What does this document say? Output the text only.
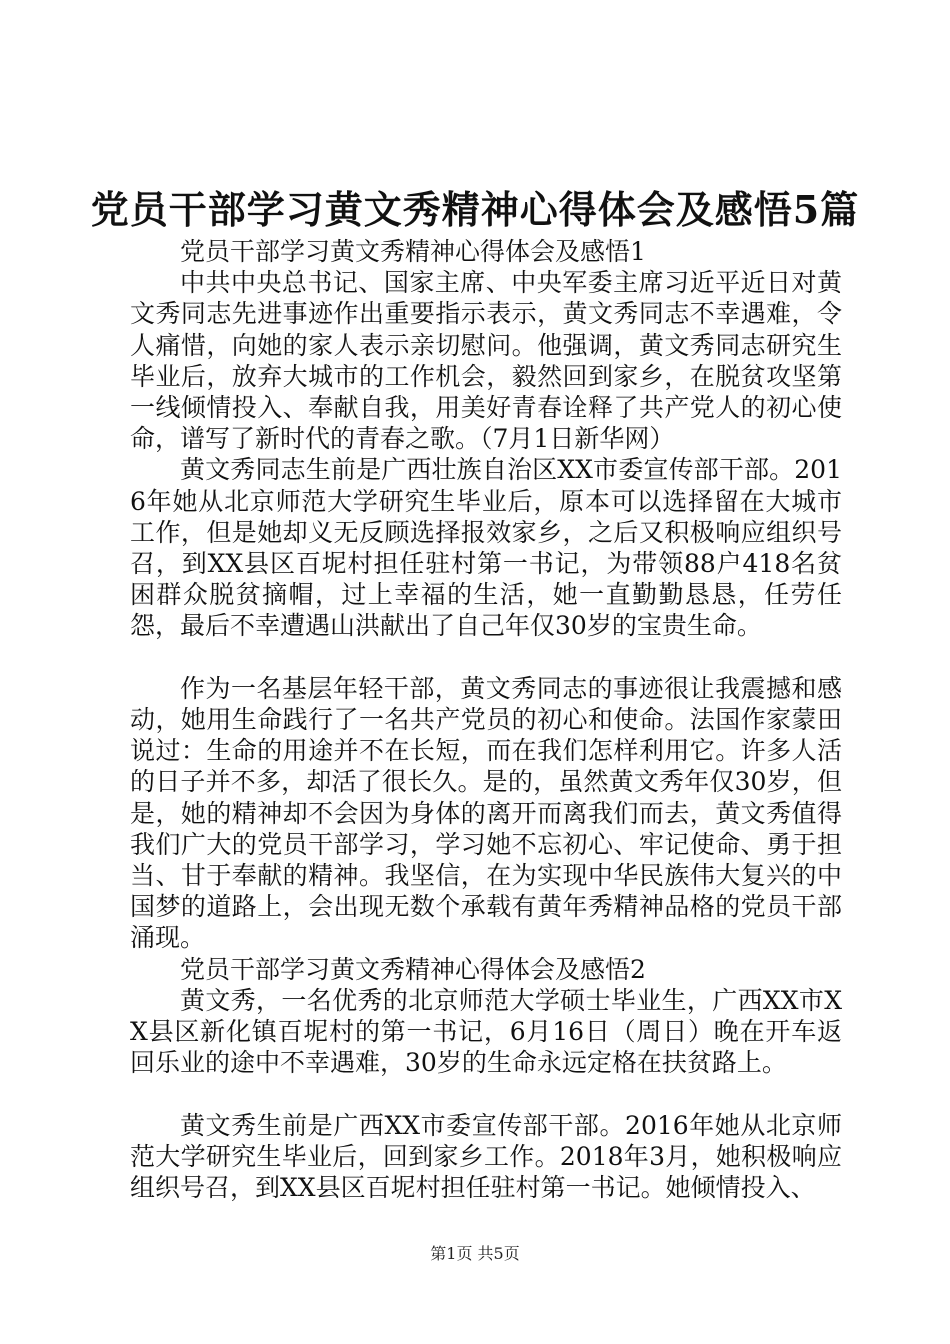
党员干部学习黄文秀精神心得体会及感悟5篇

党员干部学习黄文秀精神心得体会及感悟1

中共中央总书记、国家主席、中央军委主席习近平近日对黄文秀同志先进事迹作出重要指示表示，黄文秀同志不幸遇难，令人痛惜，向她的家人表示亲切慰问。他强调，黄文秀同志研究生毕业后，放弃大城市的工作机会，毅然回到家乡，在脱贫攻坚第一线倾情投入、奉献自我，用美好青春诠释了共产党人的初心使命，谱写了新时代的青春之歌。（7月1日新华网）

黄文秀同志生前是广西壮族自治区XX市委宣传部干部。2016年她从北京师范大学研究生毕业后，原本可以选择留在大城市工作，但是她却义无反顾选择报效家乡，之后又积极响应组织号召，到XX县区百坭村担任驻村第一书记，为带领88户418名贫困群众脱贫摘帽，过上幸福的生活，她一直勤勤恳恳，任劳任怨，最后不幸遭遇山洪献出了自己年仅30岁的宝贵生命。

作为一名基层年轻干部，黄文秀同志的事迹很让我震撼和感动，她用生命践行了一名共产党员的初心和使命。法国作家蒙田说过：生命的用途并不在长短，而在我们怎样利用它。许多人活的日子并不多，却活了很长久。是的，虽然黄文秀年仅30岁，但是，她的精神却不会因为身体的离开而离我们而去，黄文秀值得我们广大的党员干部学习，学习她不忘初心、牢记使命、勇于担当、甘于奉献的精神。我坚信，在为实现中华民族伟大复兴的中国梦的道路上，会出现无数个承载有黄年秀精神品格的党员干部涌现。

党员干部学习黄文秀精神心得体会及感悟2

黄文秀，一名优秀的北京师范大学硕士毕业生，广西XX市XX县区新化镇百坭村的第一书记，6月16日（周日）晚在开车返回乐业的途中不幸遇难，30岁的生命永远定格在扶贫路上。

黄文秀生前是广西XX市委宣传部干部。2016年她从北京师范大学研究生毕业后，回到家乡工作。2018年3月，她积极响应组织号召，到XX县区百坭村担任驻村第一书记。她倾情投入、

第1页 共5页
